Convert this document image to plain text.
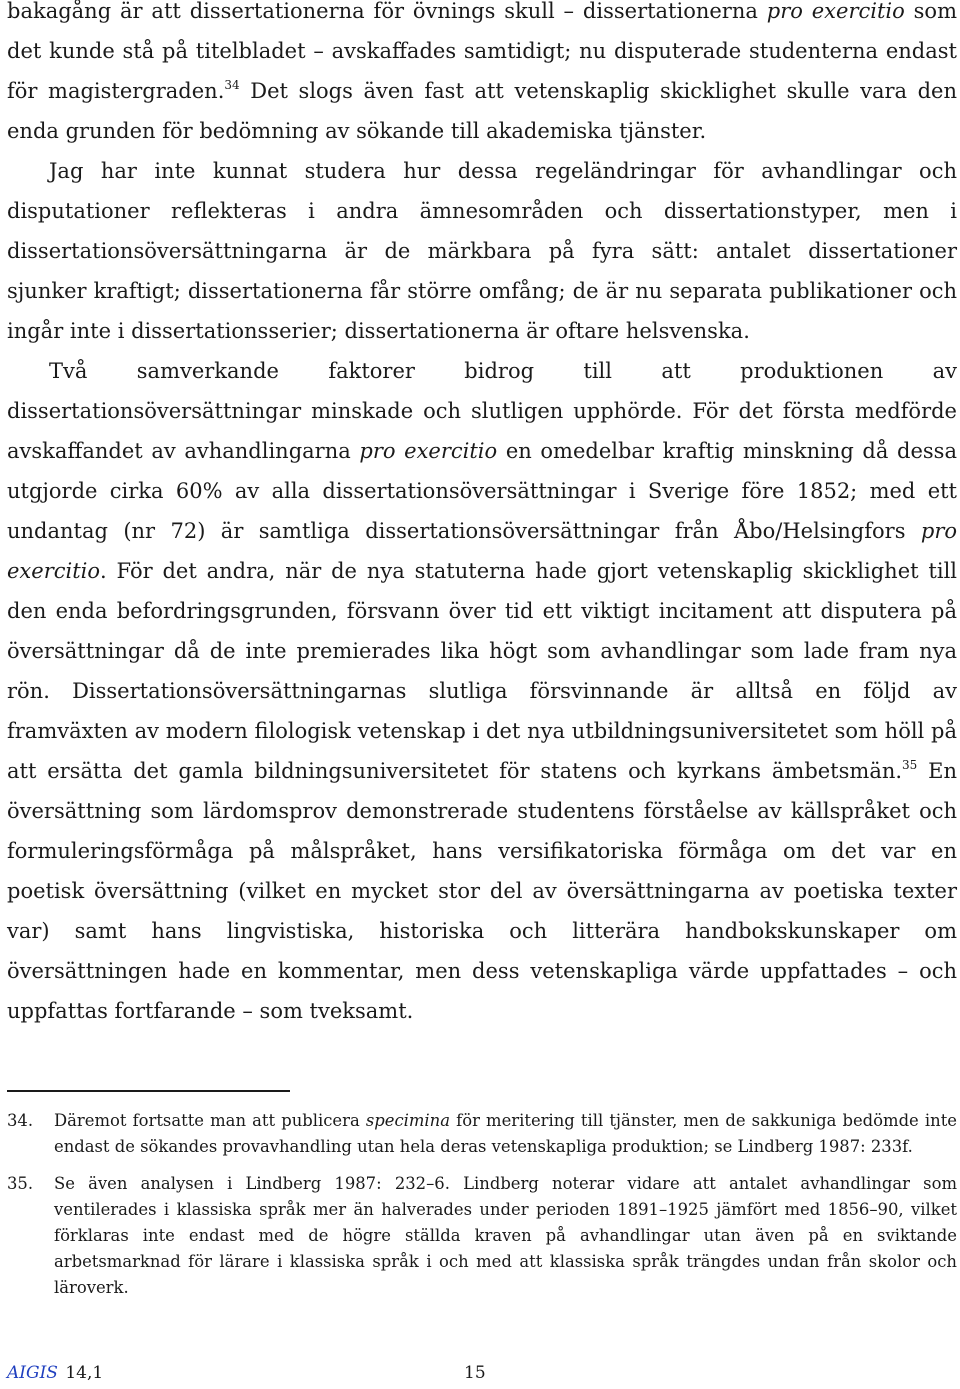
bakagång är att dissertationerna för övnings skull – dissertationerna pro exercitio som det kunde stå på titelbladet – avskaffades samtidigt; nu disputerade studenterna endast för magistergraden.$^{34}$ Det slogs även fast att vetenskaplig skicklighet skulle vara den enda grunden för bedömning av sökande till akademiska tjänster.

Jag har inte kunnat studera hur dessa regeländringar för avhandlingar och disputationer reflekteras i andra ämnesområden och dissertationstyper, men i dissertationsöversättningarna är de märkbara på fyra sätt: antalet dissertationer sjunker kraftigt; dissertationerna får större omfång; de är nu separata publikationer och ingår inte i dissertationsserier; dissertationerna är oftare helsvenska.

Två samverkande faktorer bidrog till att produktionen av dissertationsöversättningar minskade och slutligen upphörde. För det första medförde avskaffandet av avhandlingarna pro exercitio en omedelbar kraftig minskning då dessa utgjorde cirka 60% av alla dissertationsöversättningar i Sverige före 1852; med ett undantag (nr 72) är samtliga dissertationsöversättningar från Åbo/Helsingfors pro exercitio. För det andra, när de nya statuterna hade gjort vetenskaplig skicklighet till den enda befordringsgrunden, försvann över tid ett viktigt incitament att disputera på översättningar då de inte premierades lika högt som avhandlingar som lade fram nya rön. Dissertationsöversättningarnas slutliga försvinnande är alltså en följd av framväxten av modern filologisk vetenskap i det nya utbildningsuniversitetet som höll på att ersätta det gamla bildningsuniversitetet för statens och kyrkans ämbetsmän.$^{35}$ En översättning som lärdomsprov demonstrerade studentens förståelse av källspråket och formuleringsförmåga på målspråket, hans versifikatoriska förmåga om det var en poetisk översättning (vilket en mycket stor del av översättningarna av poetiska texter var) samt hans lingvistiska, historiska och litterära handbokskunskaper om översättningen hade en kommentar, men dess vetenskapliga värde uppfattades – och uppfattas fortfarande – som tveksamt.

34.	Däremot fortsatte man att publicera specimina för meritering till tjänster, men de sakkuniga bedömde inte endast de sökandes provavhandling utan hela deras vetenskapliga produktion; se Lindberg 1987: 233f.
35.	Se även analysen i Lindberg 1987: 232–6. Lindberg noterar vidare att antalet avhandlingar som ventilerades i klassiska språk mer än halverades under perioden 1891–1925 jämfört med 1856–90, vilket förklaras inte endast med de högre ställda kraven på avhandlingar utan även på en sviktande arbetsmarknad för lärare i klassiska språk i och med att klassiska språk trängdes undan från skolor och läroverk.
AIGIS 14,1	15
